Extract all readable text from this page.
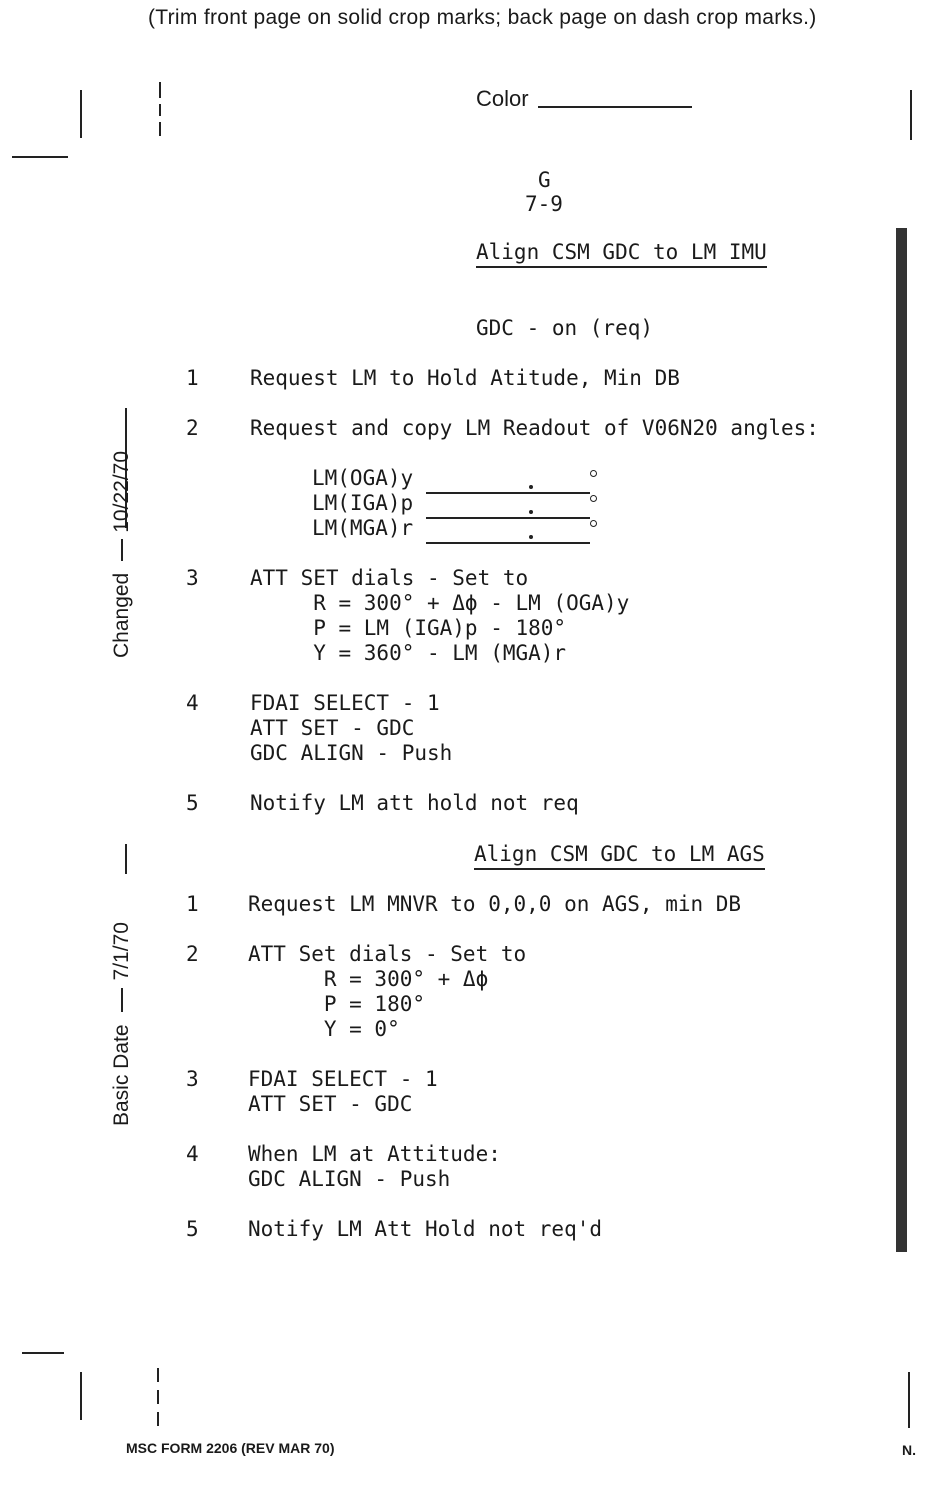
(Trim front page on solid crop marks; back page on dash crop marks.)
Color
G
7-9
Changed10/22/70
Basic Date7/1/70
Align CSM GDC to LM IMU
GDC - on (req)
1 Request LM to Hold Atitude, Min DB
2 Request and copy LM Readout of V06N20 angles:
LM(OGA)y
LM(IGA)p
LM(MGA)r
3 ATT SET dials - Set to
R = 300° + Δϕ - LM (OGA)y
P = LM (IGA)p - 180°
Y = 360° - LM (MGA)r
4 FDAI SELECT - 1
ATT SET - GDC
GDC ALIGN - Push
5 Notify LM att hold not req
Align CSM GDC to LM AGS
1 Request LM MNVR to 0,0,0 on AGS, min DB
2 ATT Set dials - Set to
R = 300° + Δϕ
P = 180°
Y = 0°
3 FDAI SELECT - 1
ATT SET - GDC
4 When LM at Attitude:
GDC ALIGN - Push
5 Notify LM Att Hold not req'd
MSC FORM 2206 (REV MAR 70)	N.
